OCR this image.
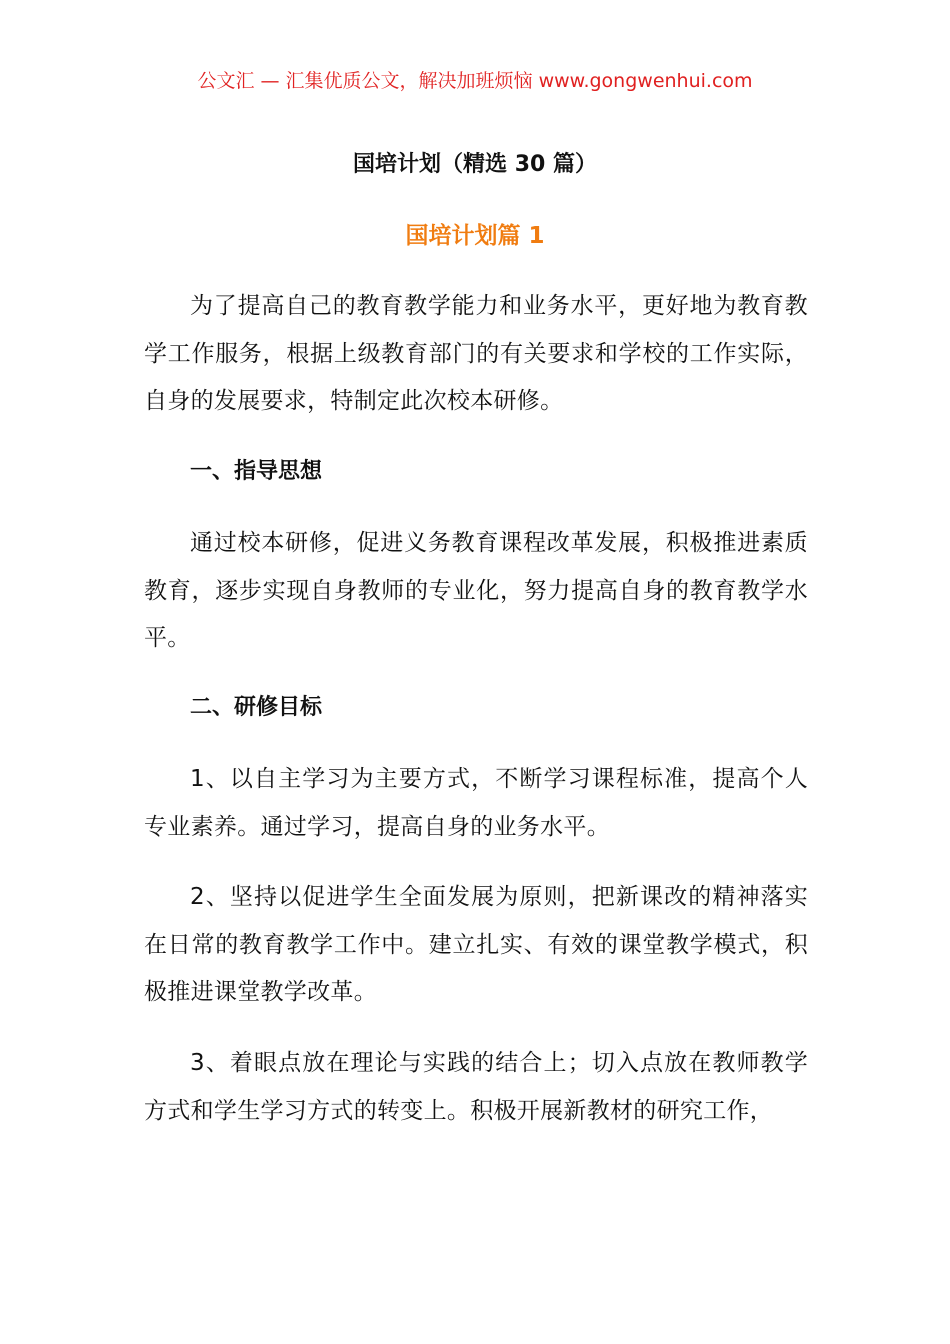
公文汇 — 汇集优质公文，解决加班烦恼 www.gongwenhui.com
国培计划（精选 30 篇）
国培计划篇 1

为了提高自己的教育教学能力和业务水平，更好地为教育教学工作服务，根据上级教育部门的有关要求和学校的工作实际，自身的发展要求，特制定此次校本研修。

一、指导思想

通过校本研修，促进义务教育课程改革发展，积极推进素质教育，逐步实现自身教师的专业化，努力提高自身的教育教学水平。

二、研修目标

1、以自主学习为主要方式，不断学习课程标准，提高个人专业素养。通过学习，提高自身的业务水平。

2、坚持以促进学生全面发展为原则，把新课改的精神落实在日常的教育教学工作中。建立扎实、有效的课堂教学模式，积极推进课堂教学改革。

3、着眼点放在理论与实践的结合上；切入点放在教师教学方式和学生学习方式的转变上。积极开展新教材的研究工作，
